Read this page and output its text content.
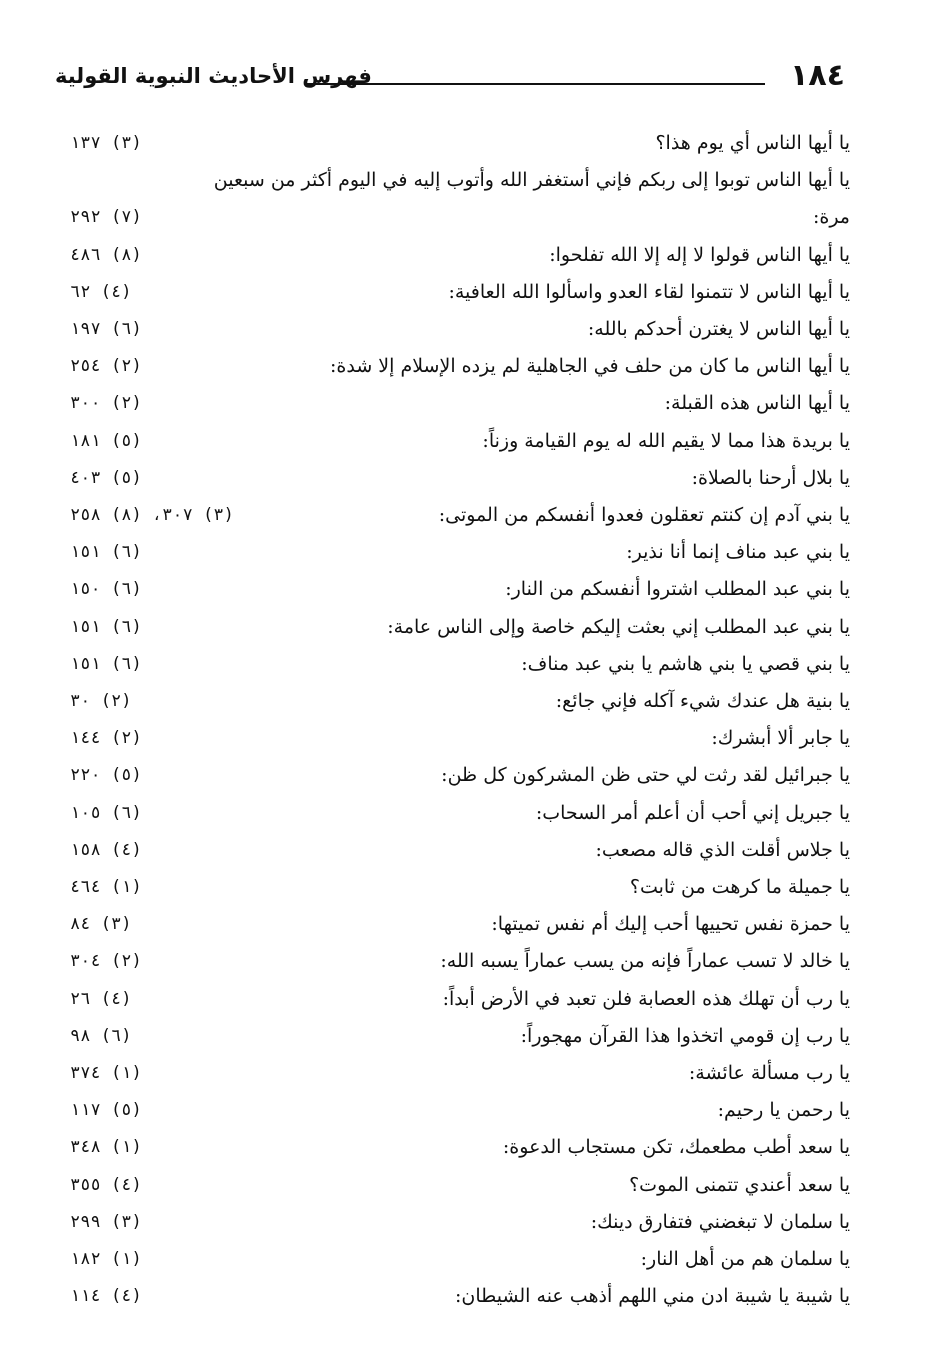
١٨٤
فهرس الأحاديث النبوية القولية
يا أيها الناس أي يوم هذا؟
(٣) ١٣٧
يا أيها الناس توبوا إلى ربكم فإني أستغفر الله وأتوب إليه في اليوم أكثر من سبعين مرة:
(٧) ٢٩٢
يا أيها الناس قولوا لا إله إلا الله تفلحوا:
(٨) ٤٨٦
يا أيها الناس لا تتمنوا لقاء العدو واسألوا الله العافية:
(٤) ٦٢
يا أيها الناس لا يغترن أحدكم بالله:
(٦) ١٩٧
يا أيها الناس ما كان من حلف في الجاهلية لم يزده الإسلام إلا شدة:
(٢) ٢٥٤
يا أيها الناس هذه القبلة:
(٢) ٣٠٠
يا بريدة هذا مما لا يقيم الله له يوم القيامة وزناً:
(٥) ١٨١
يا بلال أرحنا بالصلاة:
(٥) ٤٠٣
يا بني آدم إن كنتم تعقلون فعدوا أنفسكم من الموتى:
(٣) ٣٠٧، (٨) ٢٥٨
يا بني عبد مناف إنما أنا نذير:
(٦) ١٥١
يا بني عبد المطلب اشتروا أنفسكم من النار:
(٦) ١٥٠
يا بني عبد المطلب إني بعثت إليكم خاصة وإلى الناس عامة:
(٦) ١٥١
يا بني قصي يا بني هاشم يا بني عبد مناف:
(٦) ١٥١
يا بنية هل عندك شيء آكله فإني جائع:
(٢) ٣٠
يا جابر ألا أبشرك:
(٢) ١٤٤
يا جبرائيل لقد رثت لي حتى ظن المشركون كل ظن:
(٥) ٢٢٠
يا جبريل إني أحب أن أعلم أمر السحاب:
(٦) ١٠٥
يا جلاس أقلت الذي قاله مصعب:
(٤) ١٥٨
يا جميلة ما كرهت من ثابت؟
(١) ٤٦٤
يا حمزة نفس تحييها أحب إليك أم نفس تميتها:
(٣) ٨٤
يا خالد لا تسب عماراً فإنه من يسب عماراً يسبه الله:
(٢) ٣٠٤
يا رب أن تهلك هذه العصابة فلن تعبد في الأرض أبداً:
(٤) ٢٦
يا رب إن قومي اتخذوا هذا القرآن مهجوراً:
(٦) ٩٨
يا رب مسألة عائشة:
(١) ٣٧٤
يا رحمن يا رحيم:
(٥) ١١٧
يا سعد أطب مطعمك، تكن مستجاب الدعوة:
(١) ٣٤٨
يا سعد أعندي تتمنى الموت؟
(٤) ٣٥٥
يا سلمان لا تبغضني فتفارق دينك:
(٣) ٢٩٩
يا سلمان هم من أهل النار:
(١) ١٨٢
يا شيبة يا شيبة ادن مني اللهم أذهب عنه الشيطان:
(٤) ١١٤
